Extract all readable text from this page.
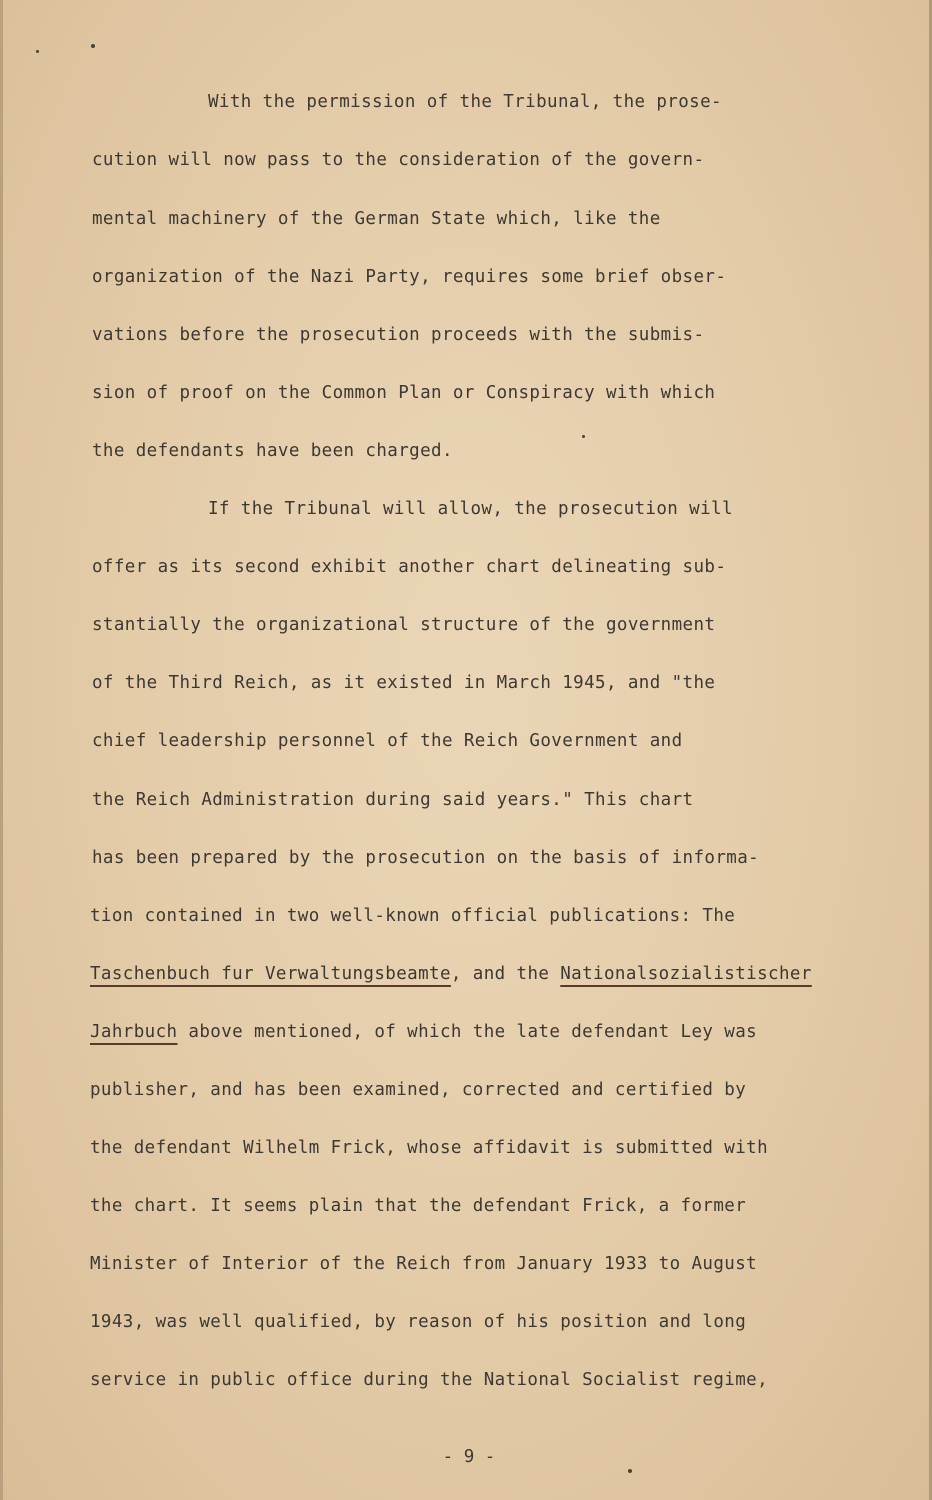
With the permission of the Tribunal, the prose-

cution will now pass to the consideration of the govern-

mental machinery of the German State which, like the

organization of the Nazi Party, requires some brief obser-

vations before the prosecution proceeds with the submis-

sion of proof on the Common Plan or Conspiracy with which

the defendants have been charged.

If the Tribunal will allow, the prosecution will

offer as its second exhibit another chart delineating sub-

stantially the organizational structure of the government

of the Third Reich, as it existed in March 1945, and "the

chief leadership personnel of the Reich Government and

the Reich Administration during said years." This chart

has been prepared by the prosecution on the basis of informa-

tion contained in two well-known official publications: The

Taschenbuch fur Verwaltungsbeamte, and the Nationalsozialistischer

Jahrbuch above mentioned, of which the late defendant Ley was

publisher, and has been examined, corrected and certified by

the defendant Wilhelm Frick, whose affidavit is submitted with

the chart. It seems plain that the defendant Frick, a former

Minister of Interior of the Reich from January 1933 to August

1943, was well qualified, by reason of his position and long

service in public office during the National Socialist regime,

- 9 -
